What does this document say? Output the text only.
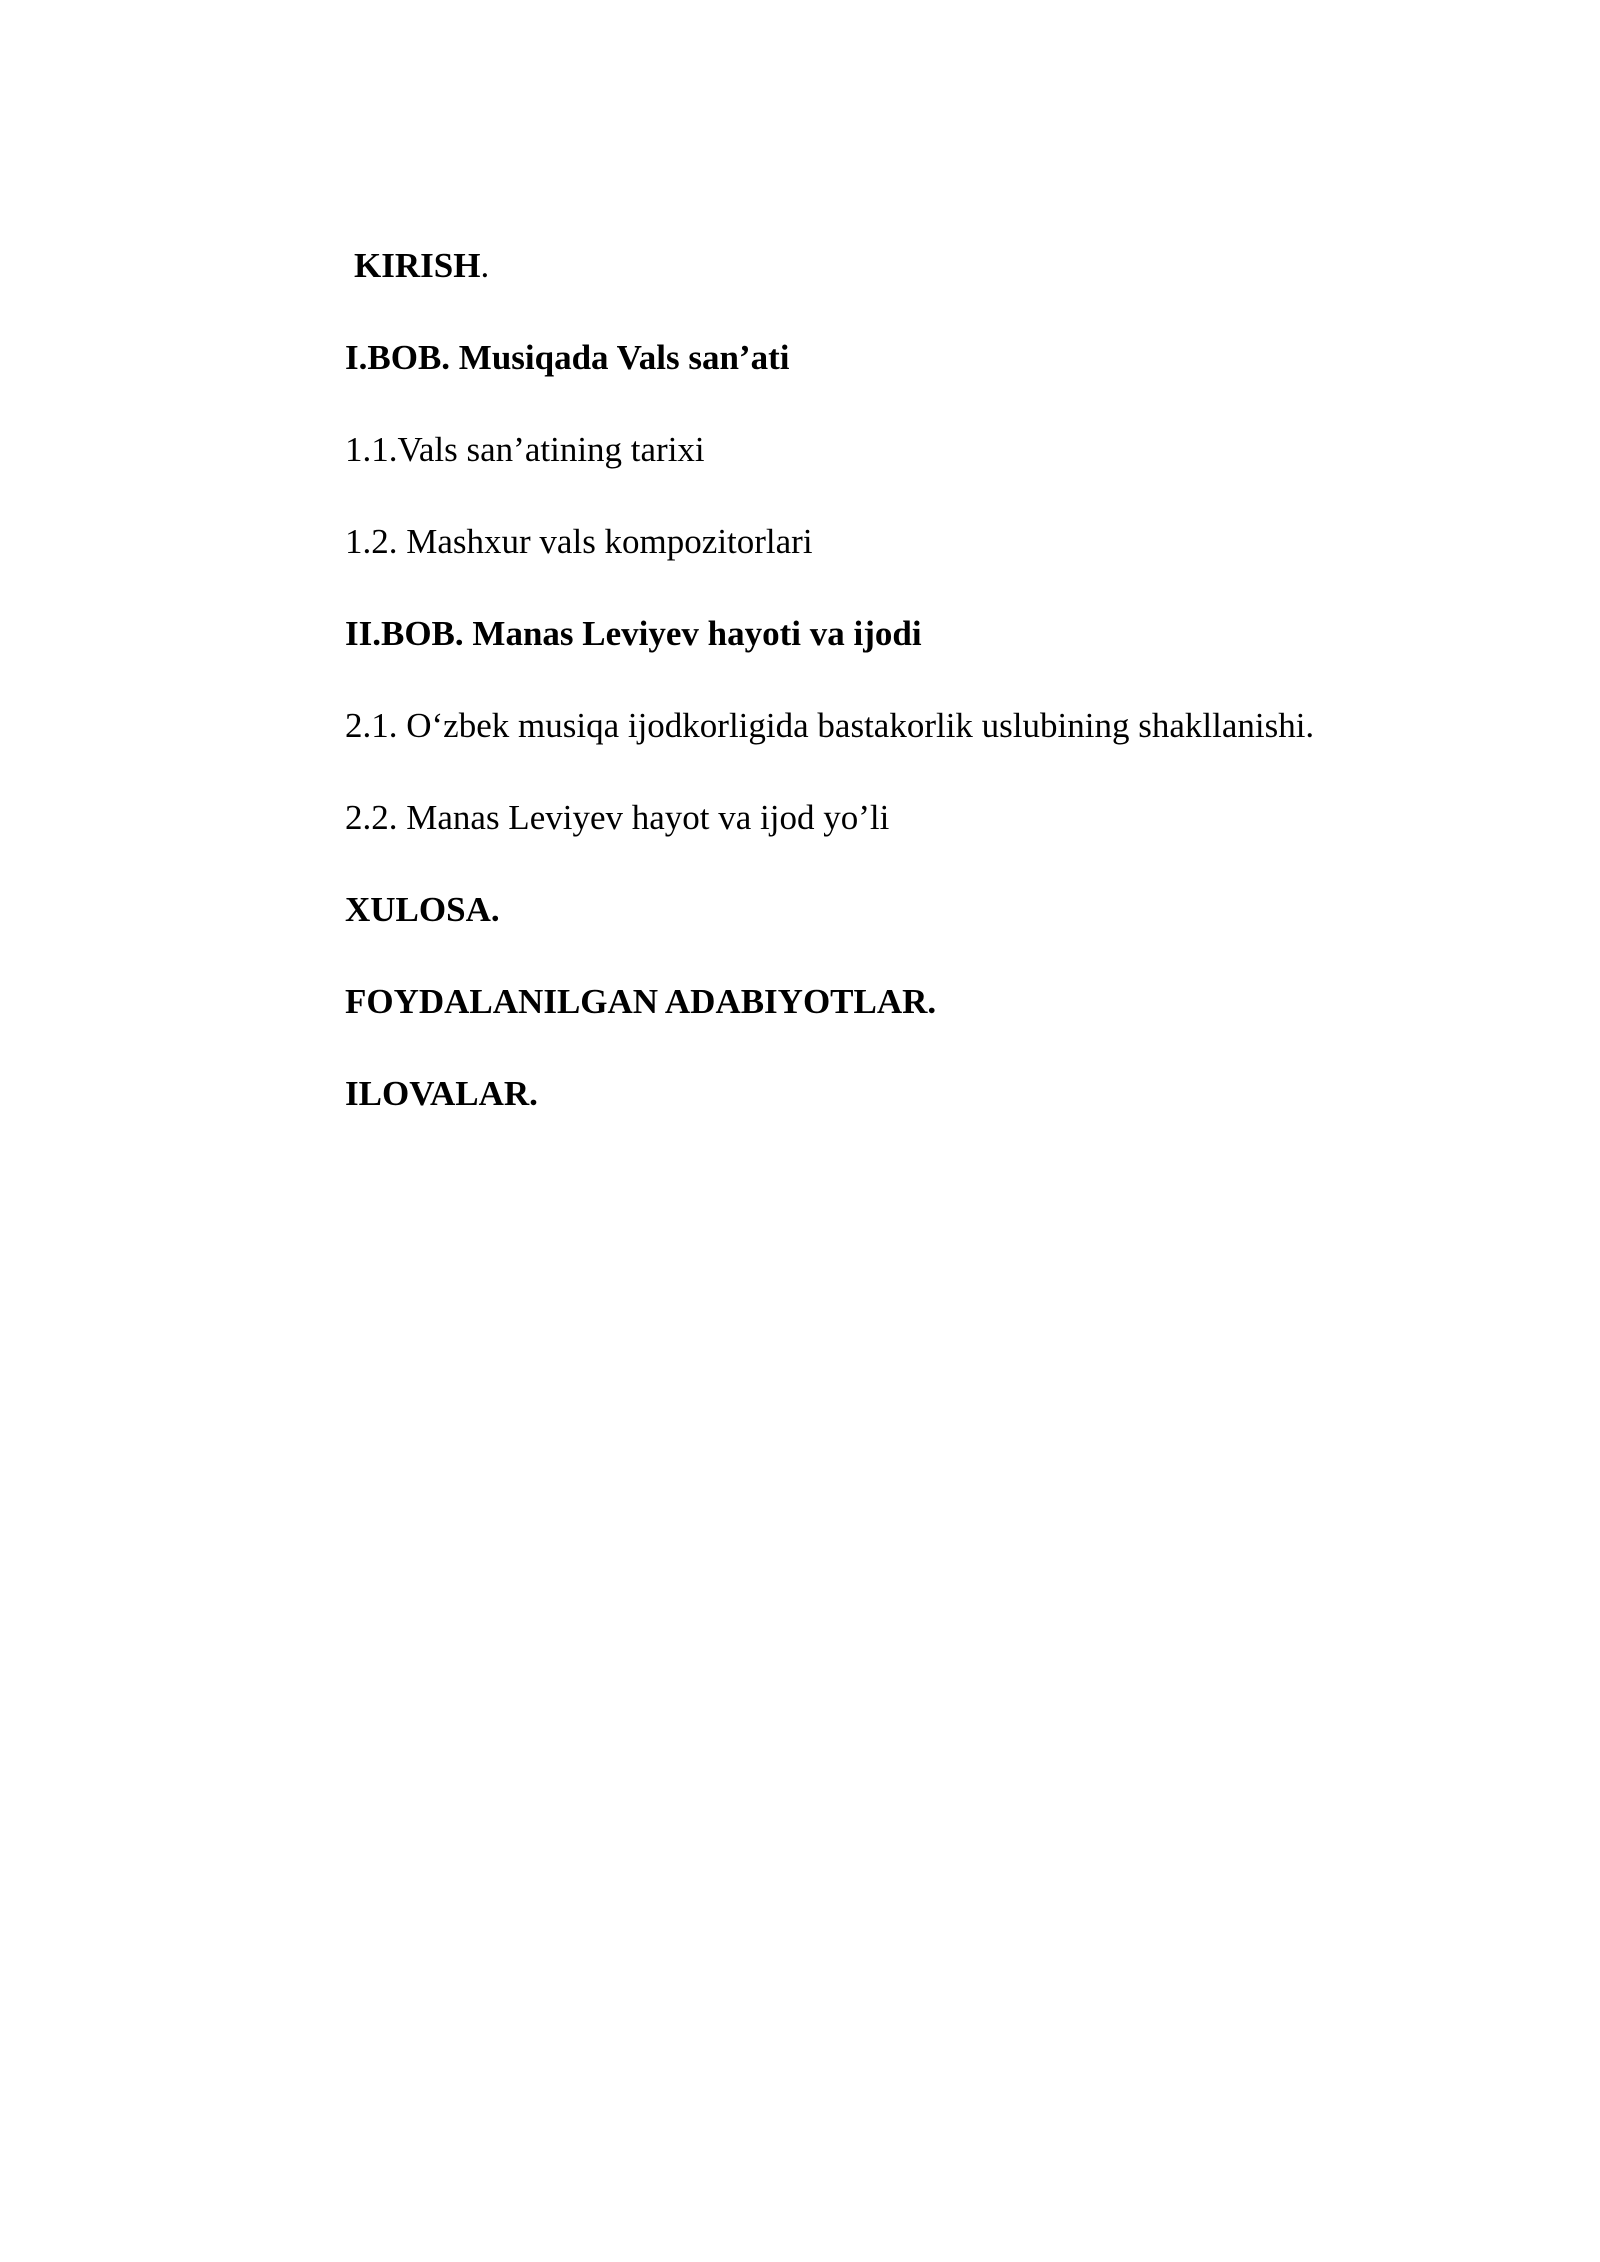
KIRISH.
I.BOB. Musiqada Vals san’ati
1.1.Vals san’atining tarixi
1.2. Mashxur vals kompozitorlari
II.BOB. Manas Leviyev hayoti va ijodi
2.1. O‘zbek musiqa ijodkorligida bastakorlik uslubining shakllanishi.
2.2. Manas Leviyev hayot va ijod yo’li
XULOSA.
FOYDALANILGAN ADABIYOTLAR.
ILOVALAR.
